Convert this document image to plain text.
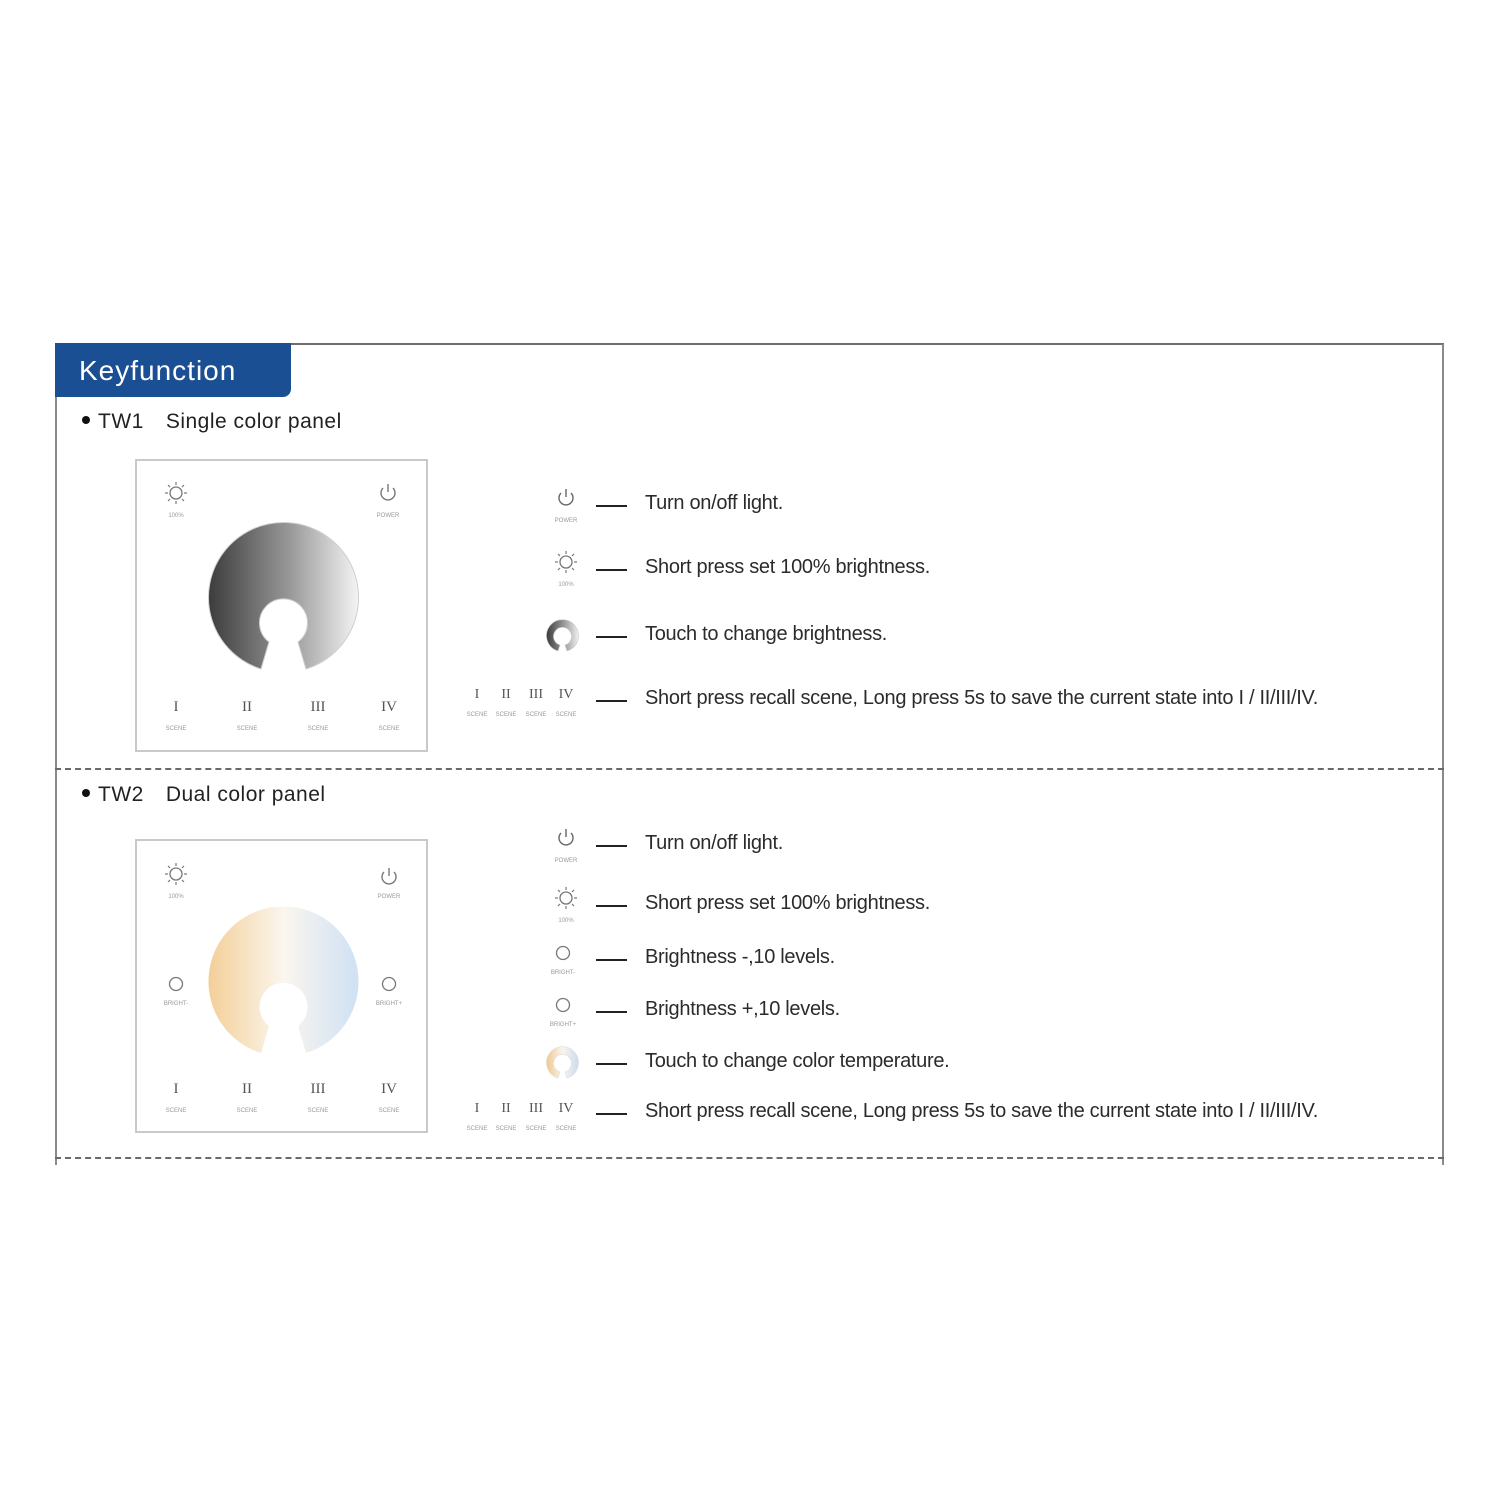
Keyfunction
TW1 Single color panel
100%	POWER
I	II	III	IV
SCENE	SCENE	SCENE	SCENE
POWER
Turn on/off light.
100%
Short press set 100% brightness.
Touch to change brightness.
I II III IV
SCENE SCENE SCENE SCENE
Short press recall scene, Long press 5s to save the current state into I / II/III/IV.
TW2 Dual color panel
100%	POWER
BRIGHT-	BRIGHT+
I	II	III	IV
SCENE	SCENE	SCENE	SCENE
POWER
Turn on/off light.
100%
Short press set 100% brightness.
BRIGHT-
Brightness -,10 levels.
BRIGHT+
Brightness +,10 levels.
Touch to change color temperature.
I II III IV
SCENE SCENE SCENE SCENE
Short press recall scene, Long press 5s to save the current state into I / II/III/IV.
